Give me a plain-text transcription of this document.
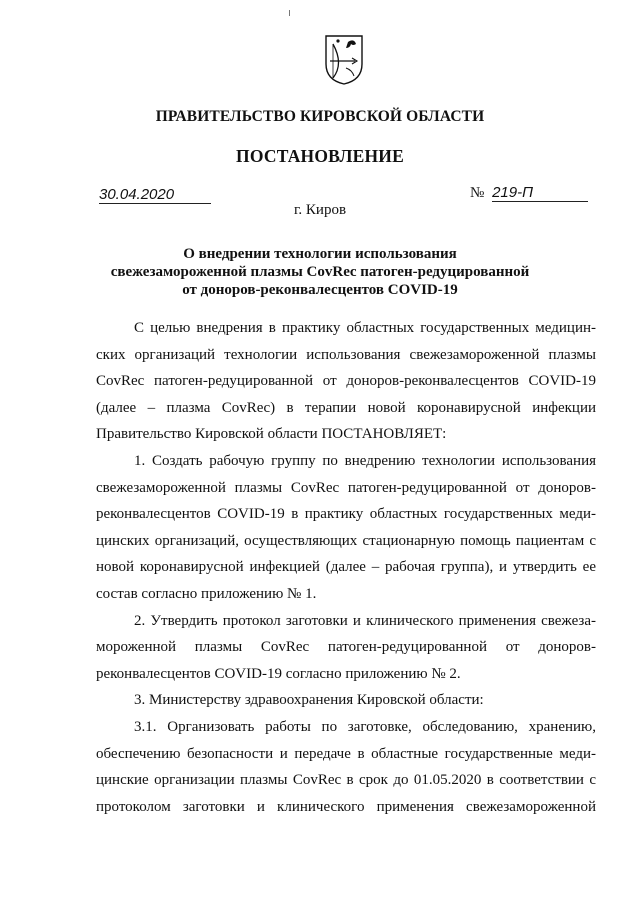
ПРАВИТЕЛЬСТВО КИРОВСКОЙ ОБЛАСТИ
ПОСТАНОВЛЕНИЕ
30.04.2020	№ 219-П
г. Киров
О внедрении технологии использования
свежезамороженной плазмы CovRec патоген-редуцированной
от доноров-реконвалесцентов COVID-19
С целью внедрения в практику областных государственных медицин-
ских организаций технологии использования свежезамороженной плазмы
CovRec патоген-редуцированной от доноров-реконвалесцентов COVID-19
(далее – плазма CovRec) в терапии новой коронавирусной инфекции
Правительство Кировской области ПОСТАНОВЛЯЕТ:
1. Создать рабочую группу по внедрению технологии использования
свежезамороженной плазмы CovRec патоген-редуцированной от доноров-
реконвалесцентов COVID-19 в практику областных государственных меди-
цинских организаций, осуществляющих стационарную помощь пациентам с
новой коронавирусной инфекцией (далее – рабочая группа), и утвердить ее
состав согласно приложению № 1.
2. Утвердить протокол заготовки и клинического применения свежеза-
мороженной плазмы CovRec патоген-редуцированной от доноров-
реконвалесцентов COVID-19 согласно приложению № 2.
3. Министерству здравоохранения Кировской области:
3.1. Организовать работы по заготовке, обследованию, хранению,
обеспечению безопасности и передаче в областные государственные меди-
цинские организации плазмы CovRec в срок до 01.05.2020 в соответствии с
протоколом заготовки и клинического применения свежезамороженной
